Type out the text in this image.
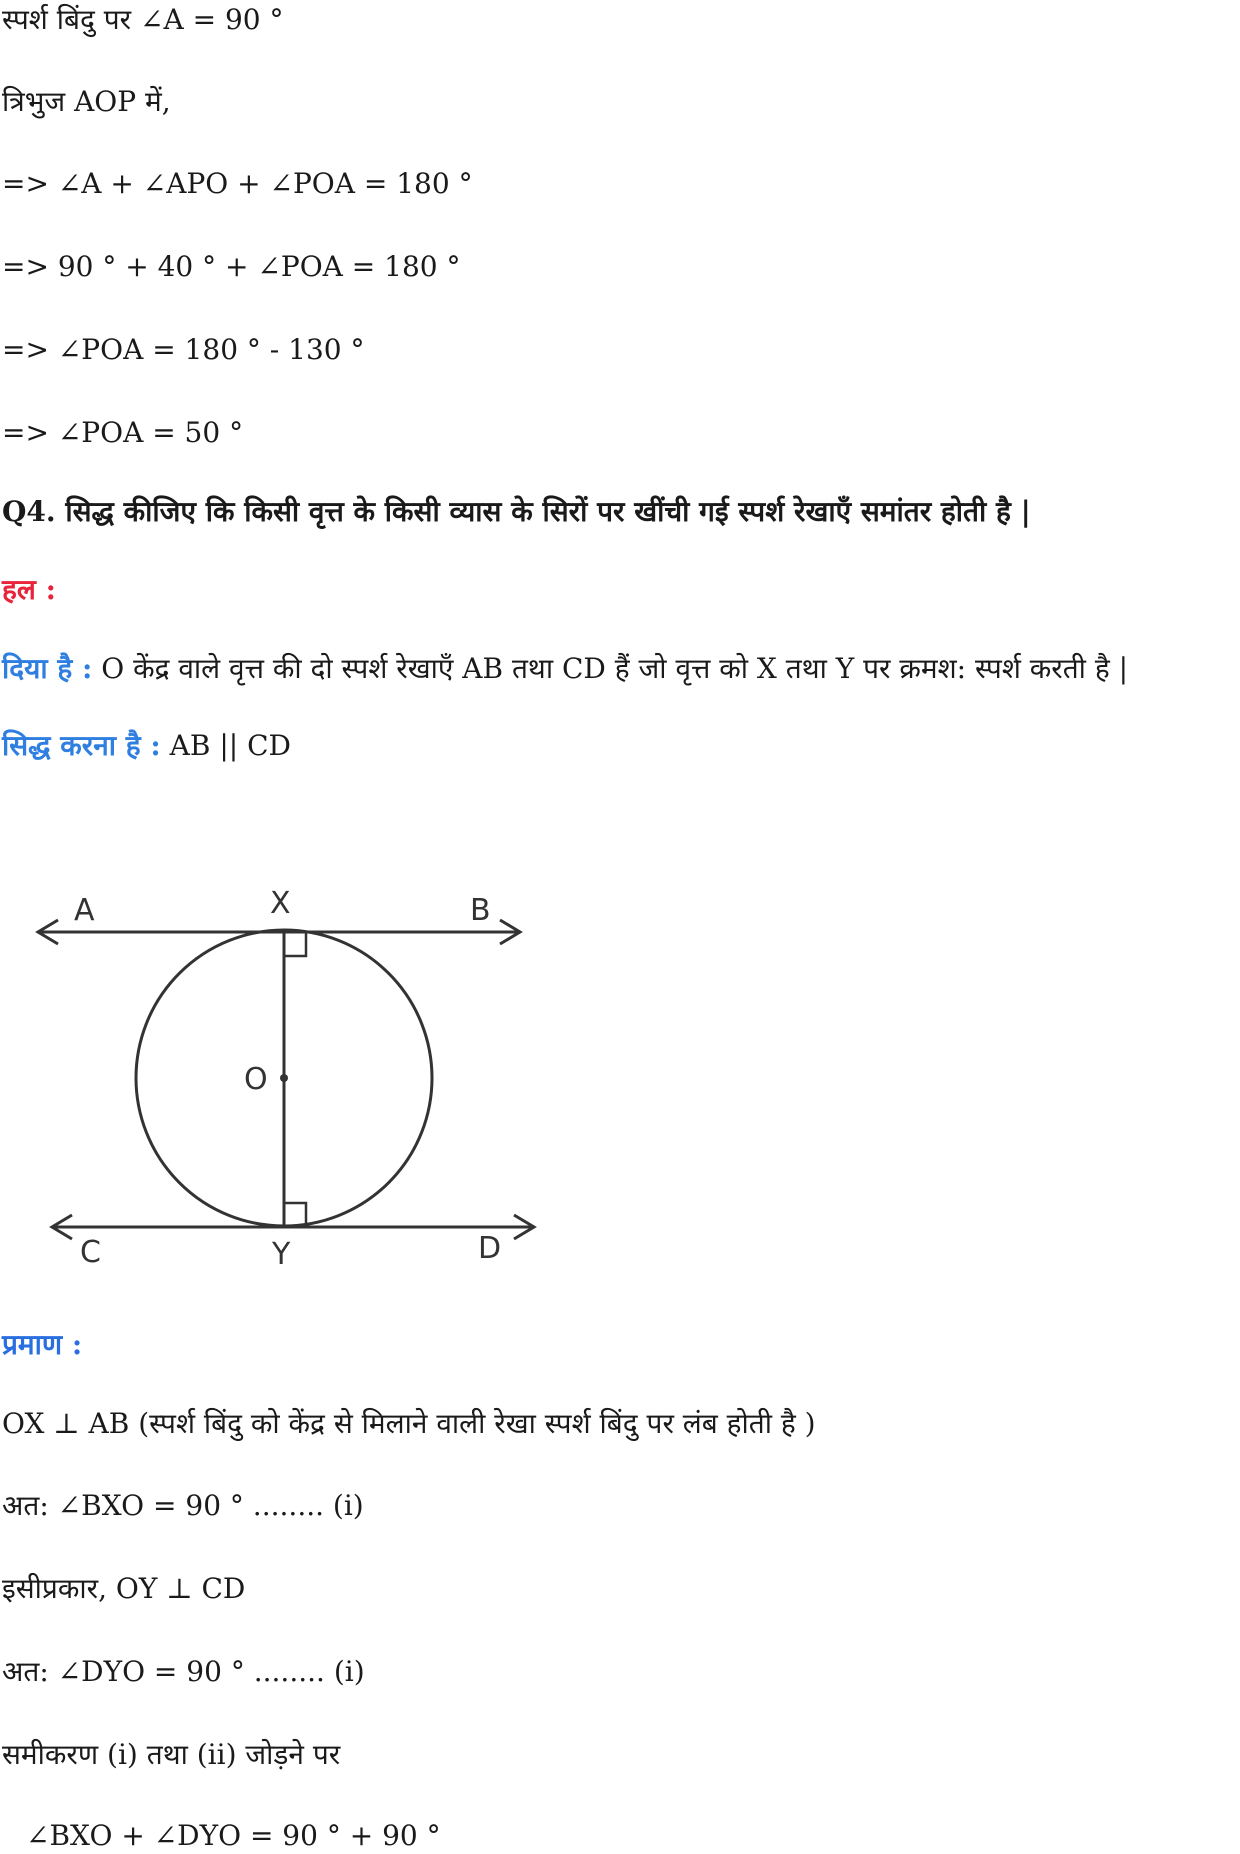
स्पर्श बिंदु पर ∠A = 90 °
त्रिभुज AOP में,
=> ∠A + ∠APO + ∠POA = 180 °
=> 90 ° + 40 ° + ∠POA = 180 °
=> ∠POA = 180 ° - 130 °
=> ∠POA = 50 °
Q4. सिद्ध कीजिए कि किसी वृत्त के किसी व्यास के सिरों पर खींची गई स्पर्श रेखाएँ समांतर होती है |
हल :
दिया है : O केंद्र वाले वृत्त की दो स्पर्श रेखाएँ AB तथा CD हैं जो वृत्त को X तथा Y पर क्रमश: स्पर्श करती है |
सिद्ध करना है : AB || CD
A	B
X
O
C	D
Y
प्रमाण :
OX ⊥ AB (स्पर्श बिंदु को केंद्र से मिलाने वाली रेखा स्पर्श बिंदु पर लंब होती है )
अत: ∠BXO = 90 ° ........ (i)
इसीप्रकार, OY ⊥ CD
अत: ∠DYO = 90 ° ........ (i)
समीकरण (i) तथा (ii) जोड़ने पर
∠BXO + ∠DYO = 90 ° + 90 °
